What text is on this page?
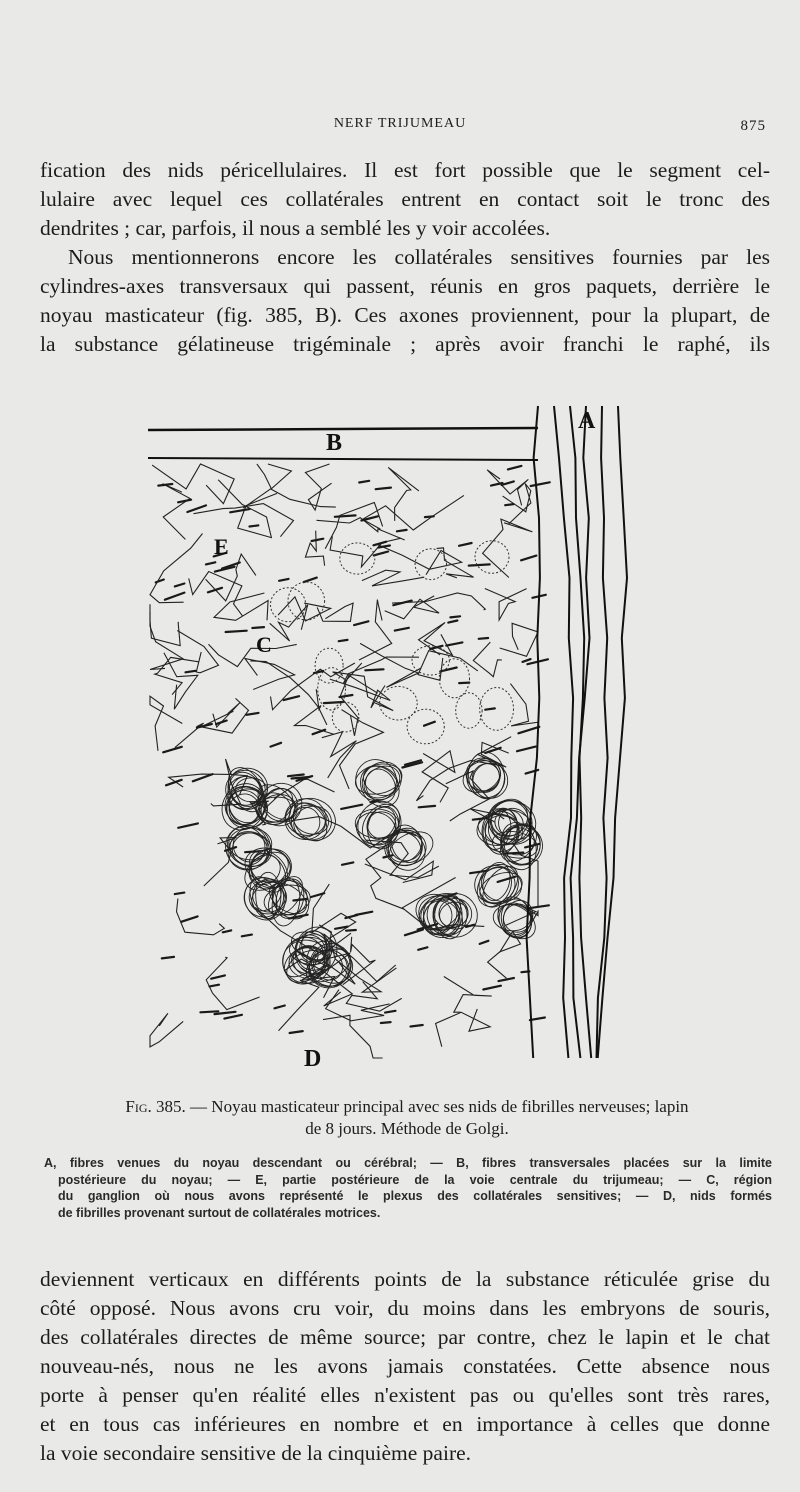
NERF TRIJUMEAU	875
fication des nids péricellulaires. Il est fort possible que le segment cel-
lulaire avec lequel ces collatérales entrent en contact soit le tronc des
dendrites ; car, parfois, il nous a semblé les y voir accolées.
Nous mentionnerons encore les collatérales sensitives fournies par les
cylindres-axes transversaux qui passent, réunis en gros paquets, derrière le
noyau masticateur (fig. 385, B). Ces axones proviennent, pour la plupart, de
la substance gélatineuse trigéminale ; après avoir franchi le raphé, ils
B
A
E
C
D
Fig. 385. — Noyau masticateur principal avec ses nids de fibrilles nerveuses; lapin
de 8 jours. Méthode de Golgi.
A, fibres venues du noyau descendant ou cérébral; — B, fibres transversales placées sur la limite
postérieure du noyau; — E, partie postérieure de la voie centrale du trijumeau; — C, région
du ganglion où nous avons représenté le plexus des collatérales sensitives; — D, nids formés
de fibrilles provenant surtout de collatérales motrices.
deviennent verticaux en différents points de la substance réticulée grise du
côté opposé. Nous avons cru voir, du moins dans les embryons de souris,
des collatérales directes de même source; par contre, chez le lapin et le chat
nouveau-nés, nous ne les avons jamais constatées. Cette absence nous
porte à penser qu'en réalité elles n'existent pas ou qu'elles sont très rares,
et en tous cas inférieures en nombre et en importance à celles que donne
la voie secondaire sensitive de la cinquième paire.
